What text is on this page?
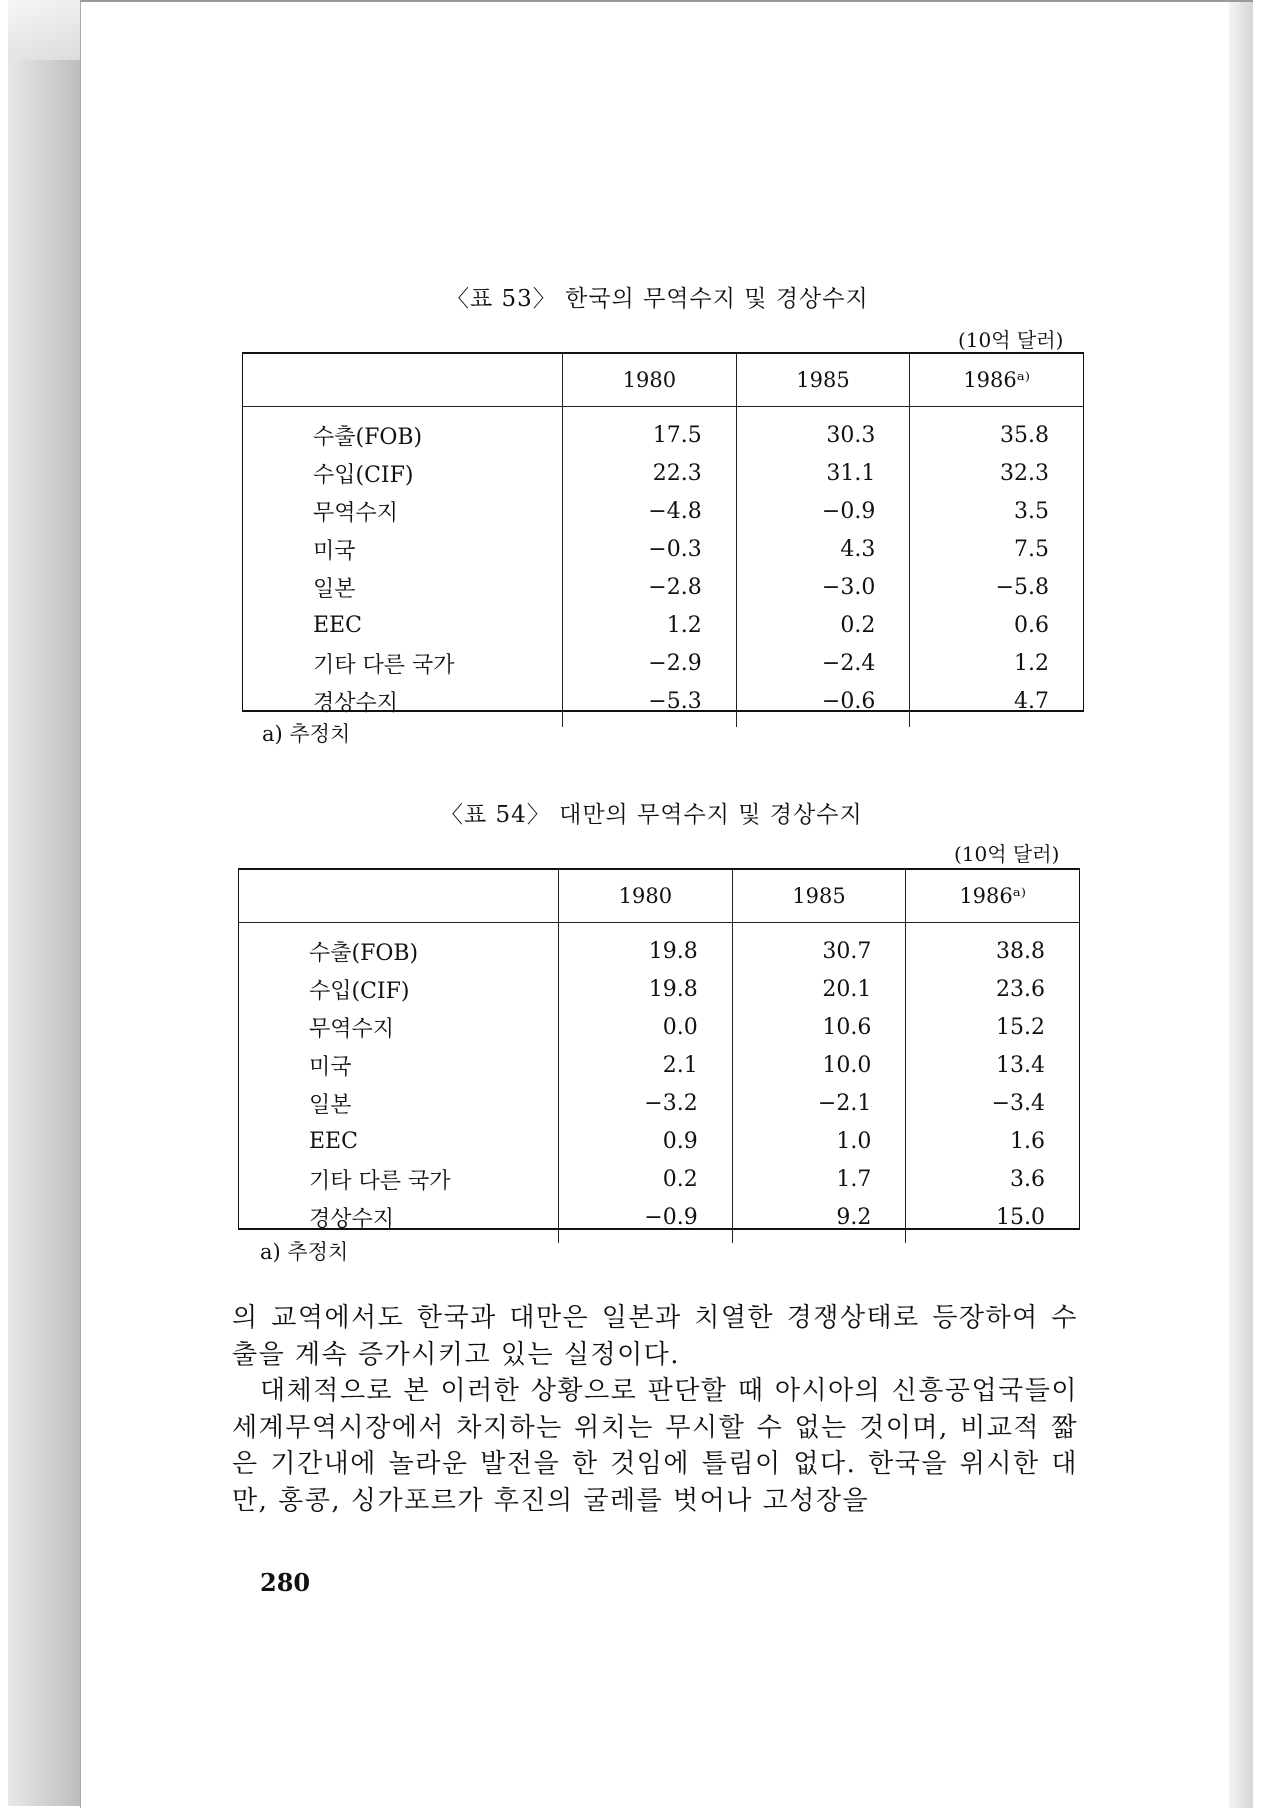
〈표 53〉 한국의 무역수지 및 경상수지
(10억 달러)
	1980	1985	1986ᵃ⁾
수출(FOB)	17.5	30.3	35.8
수입(CIF)	22.3	31.1	32.3
무역수지	−4.8	−0.9	3.5
미국	−0.3	4.3	7.5
일본	−2.8	−3.0	−5.8
EEC	1.2	0.2	0.6
기타 다른 국가	−2.9	−2.4	1.2
경상수지	−5.3	−0.6	4.7
a) 추정치
〈표 54〉 대만의 무역수지 및 경상수지
(10억 달러)
	1980	1985	1986ᵃ⁾
수출(FOB)	19.8	30.7	38.8
수입(CIF)	19.8	20.1	23.6
무역수지	0.0	10.6	15.2
미국	2.1	10.0	13.4
일본	−3.2	−2.1	−3.4
EEC	0.9	1.0	1.6
기타 다른 국가	0.2	1.7	3.6
경상수지	−0.9	9.2	15.0
a) 추정치

의 교역에서도 한국과 대만은 일본과 치열한 경쟁상태로 등장하여 수출을 계속 증가시키고 있는 실정이다.

대체적으로 본 이러한 상황으로 판단할 때 아시아의 신흥공업국들이 세계무역시장에서 차지하는 위치는 무시할 수 없는 것이며, 비교적 짧은 기간내에 놀라운 발전을 한 것임에 틀림이 없다. 한국을 위시한 대만, 홍콩, 싱가포르가 후진의 굴레를 벗어나 고성장을

280
